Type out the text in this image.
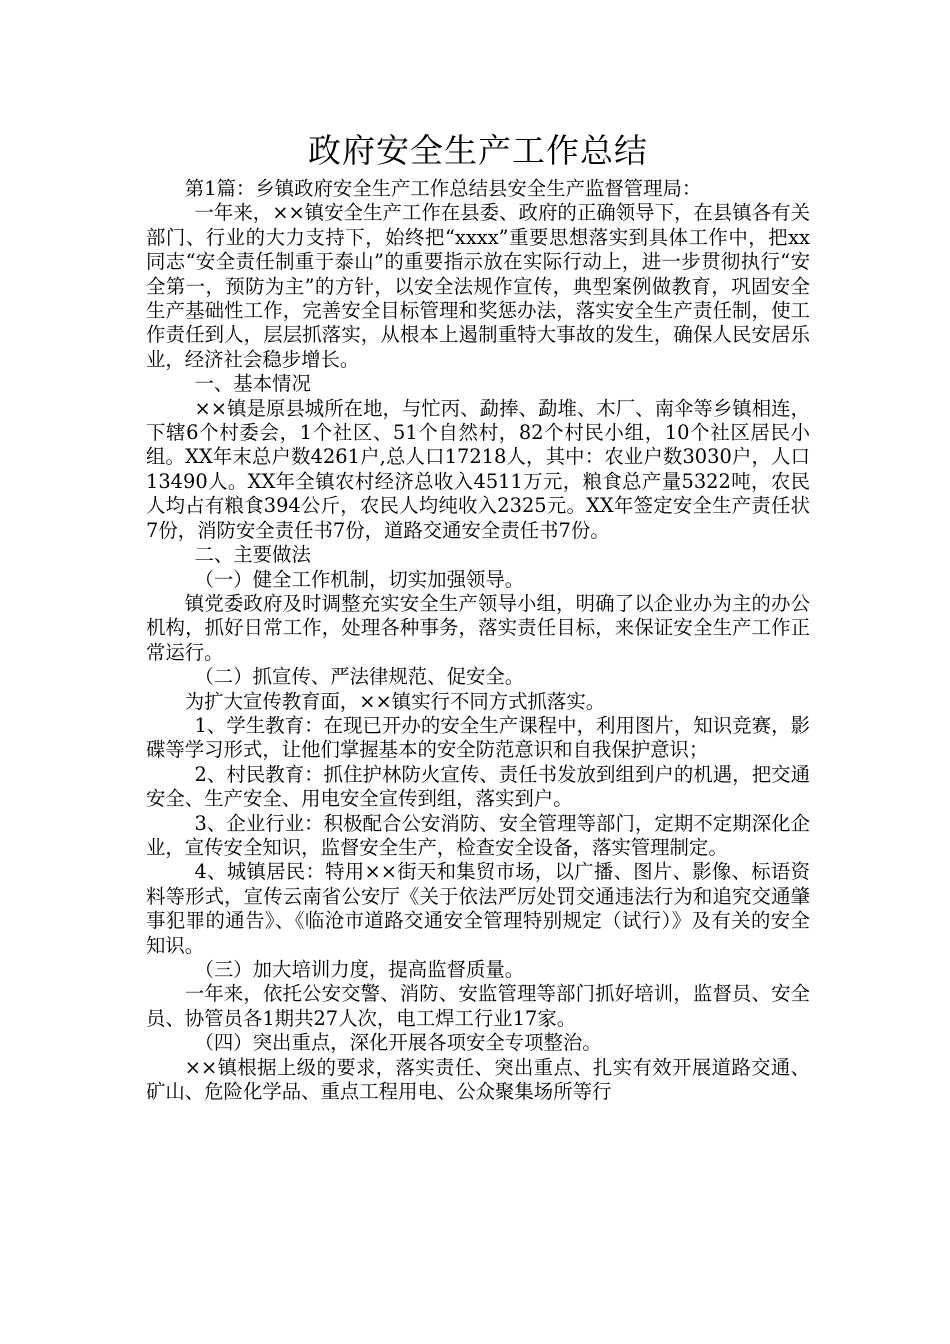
政府安全生产工作总结

第1篇：乡镇政府安全生产工作总结县安全生产监督管理局：

一年来，××镇安全生产工作在县委、政府的正确领导下，在县镇各有关部门、行业的大力支持下，始终把“xxxx”重要思想落实到具体工作中，把xx同志“安全责任制重于泰山”的重要指示放在实际行动上，进一步贯彻执行“安全第一，预防为主”的方针，以安全法规作宣传，典型案例做教育，巩固安全生产基础性工作，完善安全目标管理和奖惩办法，落实安全生产责任制，使工作责任到人，层层抓落实，从根本上遏制重特大事故的发生，确保人民安居乐业，经济社会稳步增长。

一、基本情况

××镇是原县城所在地，与忙丙、勐捧、勐堆、木厂、南伞等乡镇相连，下辖6个村委会，1个社区、51个自然村，82个村民小组，10个社区居民小组。XX年末总户数4261户,总人口17218人，其中：农业户数3030户，人口13490人。XX年全镇农村经济总收入4511万元，粮食总产量5322吨，农民人均占有粮食394公斤，农民人均纯收入2325元。XX年签定安全生产责任状7份，消防安全责任书7份，道路交通安全责任书7份。

二、主要做法

（一）健全工作机制，切实加强领导。

镇党委政府及时调整充实安全生产领导小组，明确了以企业办为主的办公机构，抓好日常工作，处理各种事务，落实责任目标，来保证安全生产工作正常运行。

（二）抓宣传、严法律规范、促安全。

为扩大宣传教育面，××镇实行不同方式抓落实。

1、学生教育：在现已开办的安全生产课程中，利用图片，知识竞赛，影碟等学习形式，让他们掌握基本的安全防范意识和自我保护意识；

2、村民教育：抓住护林防火宣传、责任书发放到组到户的机遇，把交通安全、生产安全、用电安全宣传到组，落实到户。

3、企业行业：积极配合公安消防、安全管理等部门，定期不定期深化企业，宣传安全知识，监督安全生产，检查安全设备，落实管理制定。

4、城镇居民：特用××街天和集贸市场，以广播、图片、影像、标语资料等形式，宣传云南省公安厅《关于依法严厉处罚交通违法行为和追究交通肇事犯罪的通告》、《临沧市道路交通安全管理特别规定（试行）》及有关的安全知识。

（三）加大培训力度，提高监督质量。

一年来，依托公安交警、消防、安监管理等部门抓好培训，监督员、安全员、协管员各1期共27人次，电工焊工行业17家。

（四）突出重点，深化开展各项安全专项整治。

××镇根据上级的要求，落实责任、突出重点、扎实有效开展道路交通、矿山、危险化学品、重点工程用电、公众聚集场所等行
